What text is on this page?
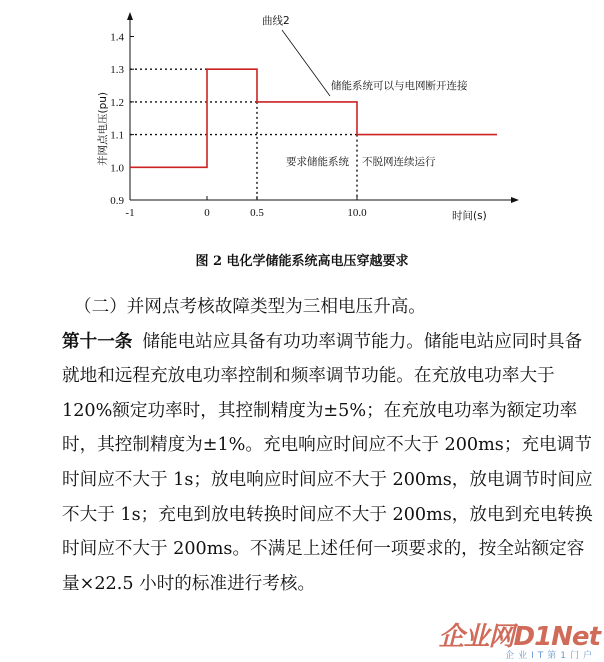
0.9
1.0
1.1
1.2
1.3
1.4
-1	0	0.5	10.0
并网点电压(pu)
时间(s)
曲线2
储能系统可以与电网断开连接
要求储能系统 不脱网连续运行
图 2 电化学储能系统高电压穿越要求

（二）并网点考核故障类型为三相电压升高。

第十一条 储能电站应具备有功功率调节能力。储能电站应同时具备就地和远程充放电功率控制和频率调节功能。在充放电功率大于 120%额定功率时，其控制精度为±5%；在充放电功率为额定功率时，其控制精度为±1%。充电响应时间应不大于 200ms；充电调节时间应不大于 1s；放电响应时间应不大于 200ms，放电调节时间应不大于 1s；充电到放电转换时间应不大于 200ms，放电到充电转换时间应不大于 200ms。不满足上述任何一项要求的，按全站额定容量×22.5 小时的标准进行考核。

企业网D1Net
企业IT第1门户
